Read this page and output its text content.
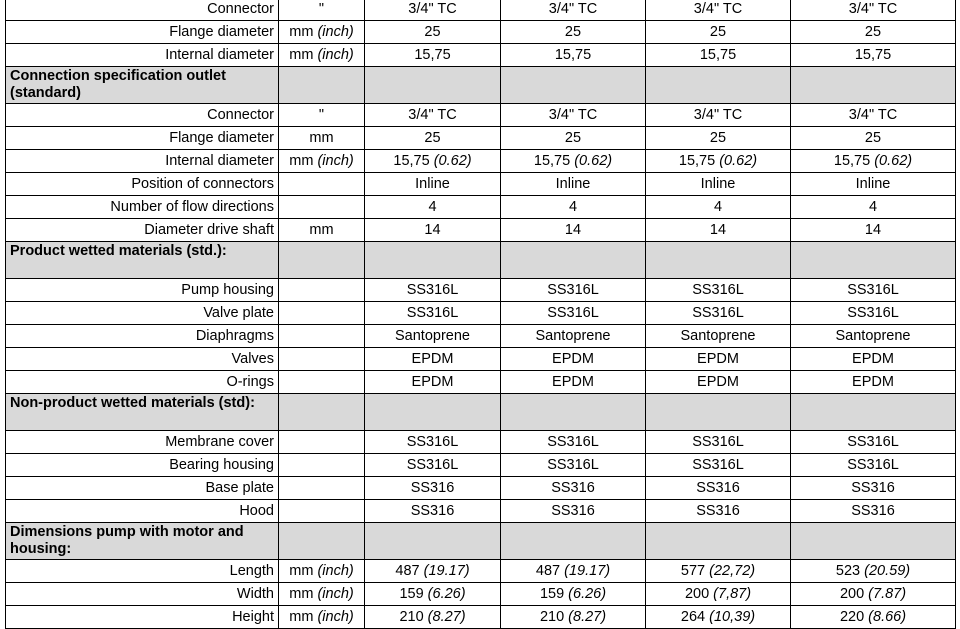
Connector	"	3/4" TC	3/4" TC	3/4" TC	3/4" TC
Flange diameter	mm (inch)	25	25	25	25
Internal diameter	mm (inch)	15,75	15,75	15,75	15,75
Connection specification outlet (standard)					
Connector	"	3/4" TC	3/4" TC	3/4" TC	3/4" TC
Flange diameter	mm	25	25	25	25
Internal diameter	mm (inch)	15,75 (0.62)	15,75 (0.62)	15,75 (0.62)	15,75 (0.62)
Position of connectors		Inline	Inline	Inline	Inline
Number of flow directions		4	4	4	4
Diameter drive shaft	mm	14	14	14	14
Product wetted materials (std.):					
Pump housing		SS316L	SS316L	SS316L	SS316L
Valve plate		SS316L	SS316L	SS316L	SS316L
Diaphragms		Santoprene	Santoprene	Santoprene	Santoprene
Valves		EPDM	EPDM	EPDM	EPDM
O-rings		EPDM	EPDM	EPDM	EPDM
Non-product wetted materials (std):					
Membrane cover		SS316L	SS316L	SS316L	SS316L
Bearing housing		SS316L	SS316L	SS316L	SS316L
Base plate		SS316	SS316	SS316	SS316
Hood		SS316	SS316	SS316	SS316
Dimensions pump with motor and housing:					
Length	mm (inch)	487 (19.17)	487 (19.17)	577 (22,72)	523 (20.59)
Width	mm (inch)	159 (6.26)	159 (6.26)	200 (7,87)	200 (7.87)
Height	mm (inch)	210 (8.27)	210 (8.27)	264 (10,39)	220 (8.66)
